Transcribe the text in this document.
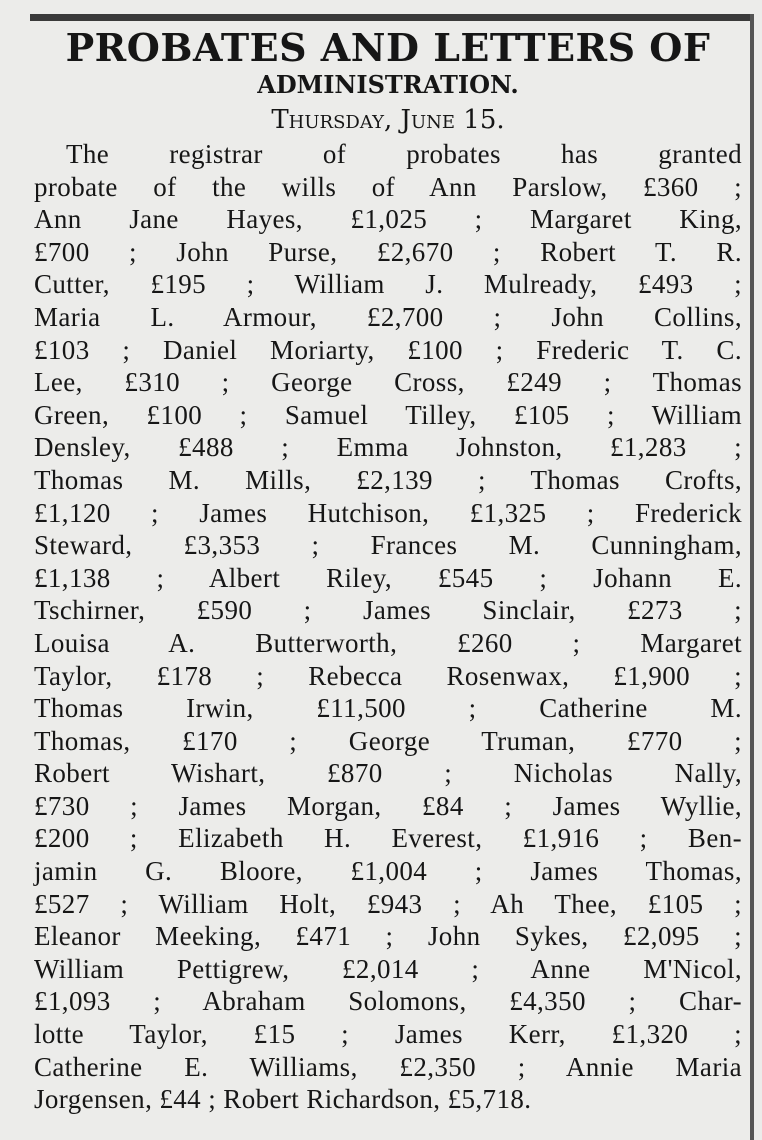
PROBATES AND LETTERS OF
ADMINISTRATION.
Thursday, June 15.
The registrar of probates has granted
probate of the wills of Ann Parslow, £360 ;
Ann Jane Hayes, £1,025 ; Margaret King,
£700 ; John Purse, £2,670 ; Robert T. R.
Cutter, £195 ; William J. Mulready, £493 ;
Maria L. Armour, £2,700 ; John Collins,
£103 ; Daniel Moriarty, £100 ; Frederic T. C.
Lee, £310 ; George Cross, £249 ; Thomas
Green, £100 ; Samuel Tilley, £105 ; William
Densley, £488 ; Emma Johnston, £1,283 ;
Thomas M. Mills, £2,139 ; Thomas Crofts,
£1,120 ; James Hutchison, £1,325 ; Frederick
Steward, £3,353 ; Frances M. Cunningham,
£1,138 ; Albert Riley, £545 ; Johann E.
Tschirner, £590 ; James Sinclair, £273 ;
Louisa A. Butterworth, £260 ; Margaret
Taylor, £178 ; Rebecca Rosenwax, £1,900 ;
Thomas Irwin, £11,500 ; Catherine M.
Thomas, £170 ; George Truman, £770 ;
Robert Wishart, £870 ; Nicholas Nally,
£730 ; James Morgan, £84 ; James Wyllie,
£200 ; Elizabeth H. Everest, £1,916 ; Ben-
jamin G. Bloore, £1,004 ; James Thomas,
£527 ; William Holt, £943 ; Ah Thee, £105 ;
Eleanor Meeking, £471 ; John Sykes, £2,095 ;
William Pettigrew, £2,014 ; Anne M'Nicol,
£1,093 ; Abraham Solomons, £4,350 ; Char-
lotte Taylor, £15 ; James Kerr, £1,320 ;
Catherine E. Williams, £2,350 ; Annie Maria
Jorgensen, £44 ; Robert Richardson, £5,718.
